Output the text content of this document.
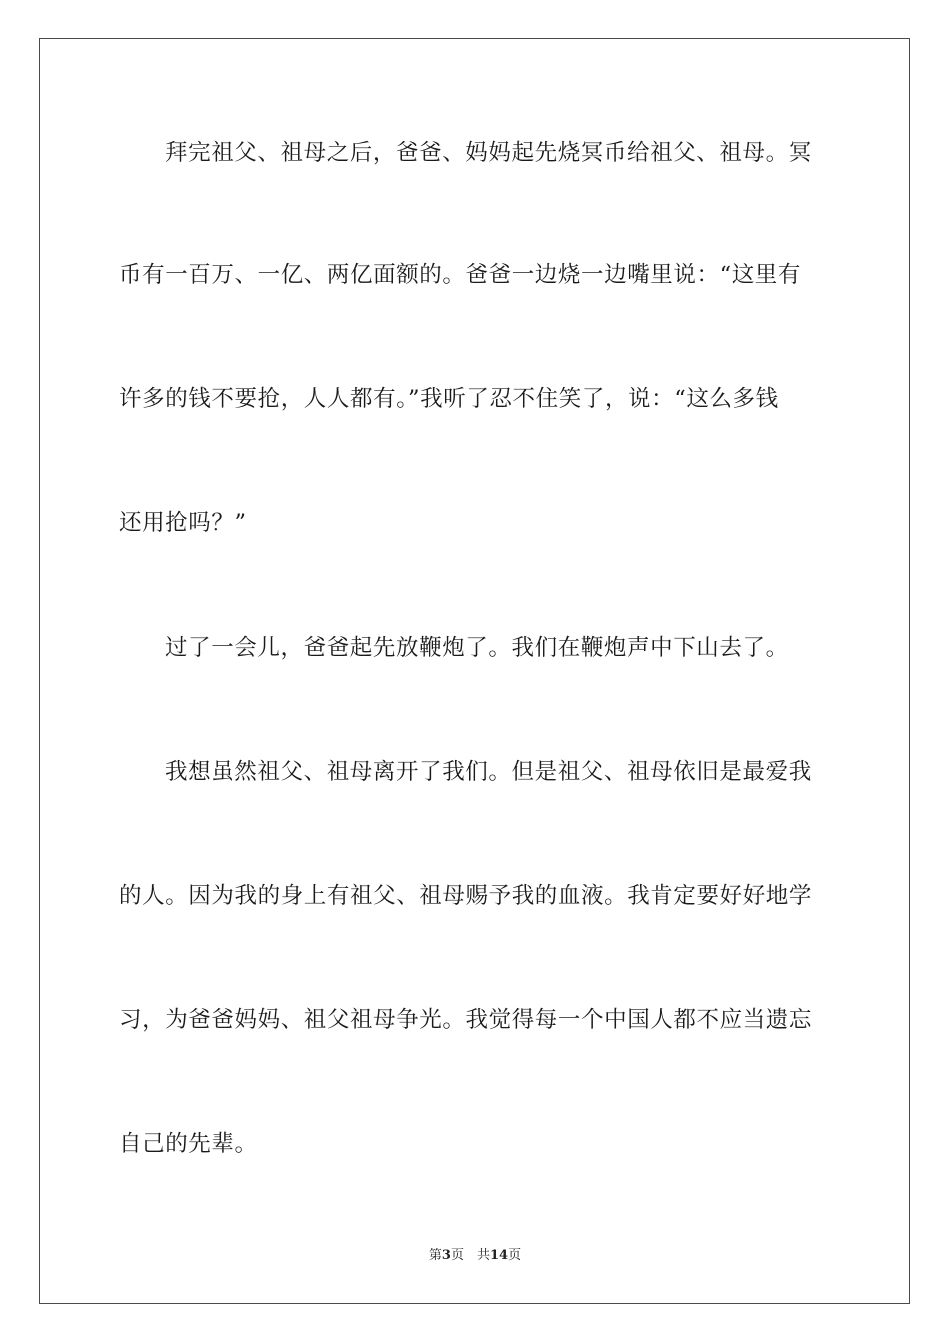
拜完祖父、祖母之后，爸爸、妈妈起先烧冥币给祖父、祖母。冥
币有一百万、一亿、两亿面额的。爸爸一边烧一边嘴里说：“这里有
许多的钱不要抢，人人都有。”我听了忍不住笑了，说：“这么多钱
还用抢吗？”
过了一会儿，爸爸起先放鞭炮了。我们在鞭炮声中下山去了。
我想虽然祖父、祖母离开了我们。但是祖父、祖母依旧是最爱我
的人。因为我的身上有祖父、祖母赐予我的血液。我肯定要好好地学
习，为爸爸妈妈、祖父祖母争光。我觉得每一个中国人都不应当遗忘
自己的先辈。
第3页　共14页
